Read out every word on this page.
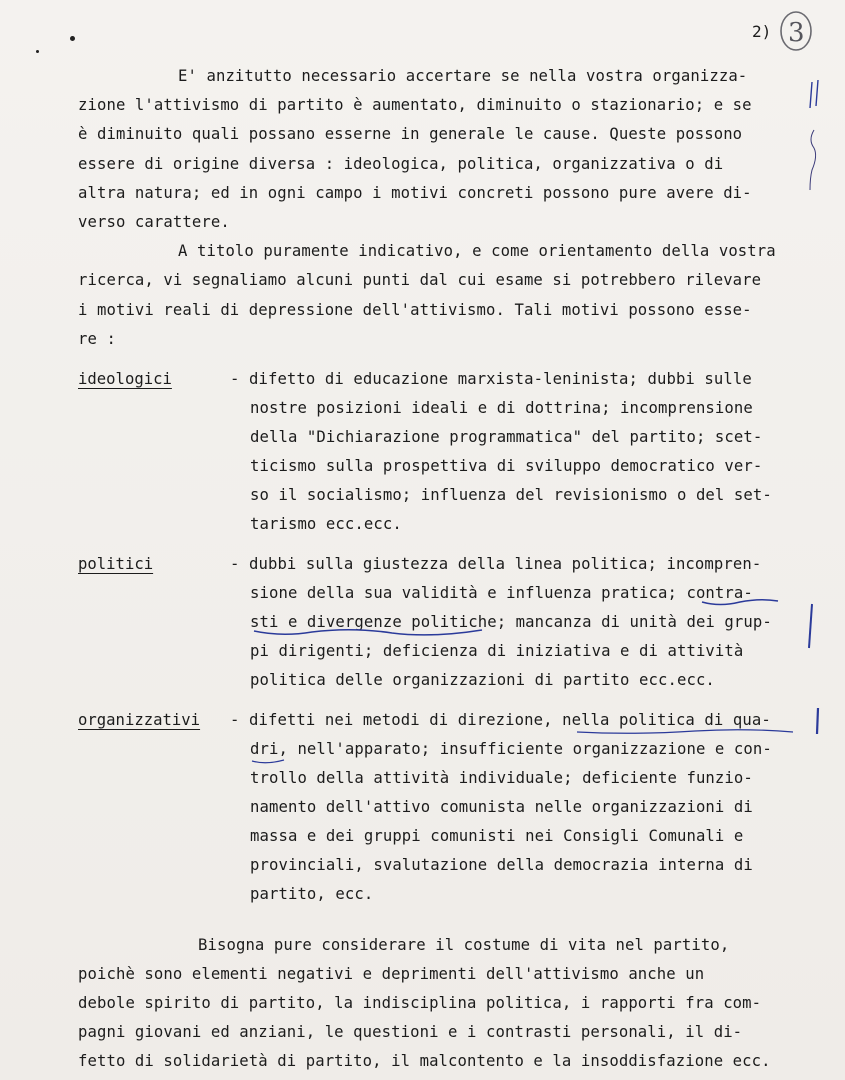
2) 3
E' anzitutto necessario accertare se nella vostra organizza-
zione l'attivismo di partito è aumentato, diminuito o stazionario; e se
è diminuito quali possano esserne in generale le cause. Queste possono
essere di origine diversa : ideologica, politica, organizzativa o di
altra natura; ed in ogni campo i motivi concreti possono pure avere di-
verso carattere.
A titolo puramente indicativo, e come orientamento della vostra
ricerca, vi segnaliamo alcuni punti dal cui esame si potrebbero rilevare
i motivi reali di depressione dell'attivismo. Tali motivi possono esse-
re :
ideologici	- difetto di educazione marxista-leninista; dubbi sulle
nostre posizioni ideali e di dottrina; incomprensione
della "Dichiarazione programmatica" del partito; scet-
ticismo sulla prospettiva di sviluppo democratico ver-
so il socialismo; influenza del revisionismo o del set-
tarismo ecc.ecc.
politici	- dubbi sulla giustezza della linea politica; incompren-
sione della sua validità e influenza pratica; contra-
sti e divergenze politiche; mancanza di unità dei grup-
pi dirigenti; deficienza di iniziativa e di attività
politica delle organizzazioni di partito ecc.ecc.
organizzativi - difetti nei metodi di direzione, nella politica di qua-
dri, nell'apparato; insufficiente organizzazione e con-
trollo della attività individuale; deficiente funzio-
namento dell'attivo comunista nelle organizzazioni di
massa e dei gruppi comunisti nei Consigli Comunali e
provinciali, svalutazione della democrazia interna di
partito, ecc.
Bisogna pure considerare il costume di vita nel partito,
poichè sono elementi negativi e deprimenti dell'attivismo anche un
debole spirito di partito, la indisciplina politica, i rapporti fra com-
pagni giovani ed anziani, le questioni e i contrasti personali, il di-
fetto di solidarietà di partito, il malcontento e la insoddisfazione ecc.
